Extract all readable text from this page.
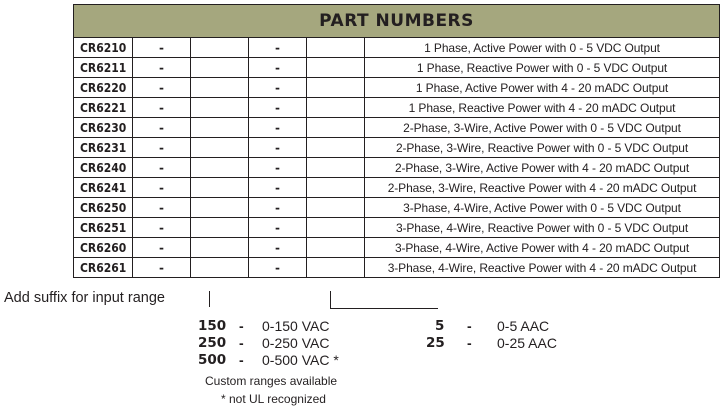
PART NUMBERS					
CR6210	-		-		1 Phase, Active Power with 0 - 5 VDC Output
CR6211	-		-		1 Phase, Reactive Power with 0 - 5 VDC Output
CR6220	-		-		1 Phase, Active Power with 4 - 20 mADC Output
CR6221	-		-		1 Phase, Reactive Power with 4 - 20 mADC Output
CR6230	-		-		2-Phase, 3-Wire, Active Power with 0 - 5 VDC Output
CR6231	-		-		2-Phase, 3-Wire, Reactive Power with 0 - 5 VDC Output
CR6240	-		-		2-Phase, 3-Wire, Active Power with 4 - 20 mADC Output
CR6241	-		-		2-Phase, 3-Wire, Reactive Power with 4 - 20 mADC Output
CR6250	-		-		3-Phase, 4-Wire, Active Power with 0 - 5 VDC Output
CR6251	-		-		3-Phase, 4-Wire, Reactive Power with 0 - 5 VDC Output
CR6260	-		-		3-Phase, 4-Wire, Active Power with 4 - 20 mADC Output
CR6261	-		-		3-Phase, 4-Wire, Reactive Power with 4 - 20 mADC Output
Add suffix for input range
150 - 0-150 VAC
250 - 0-250 VAC
500 - 0-500 VAC *
5 - 0-5 AAC
25 - 0-25 AAC
Custom ranges available
* not UL recognized
